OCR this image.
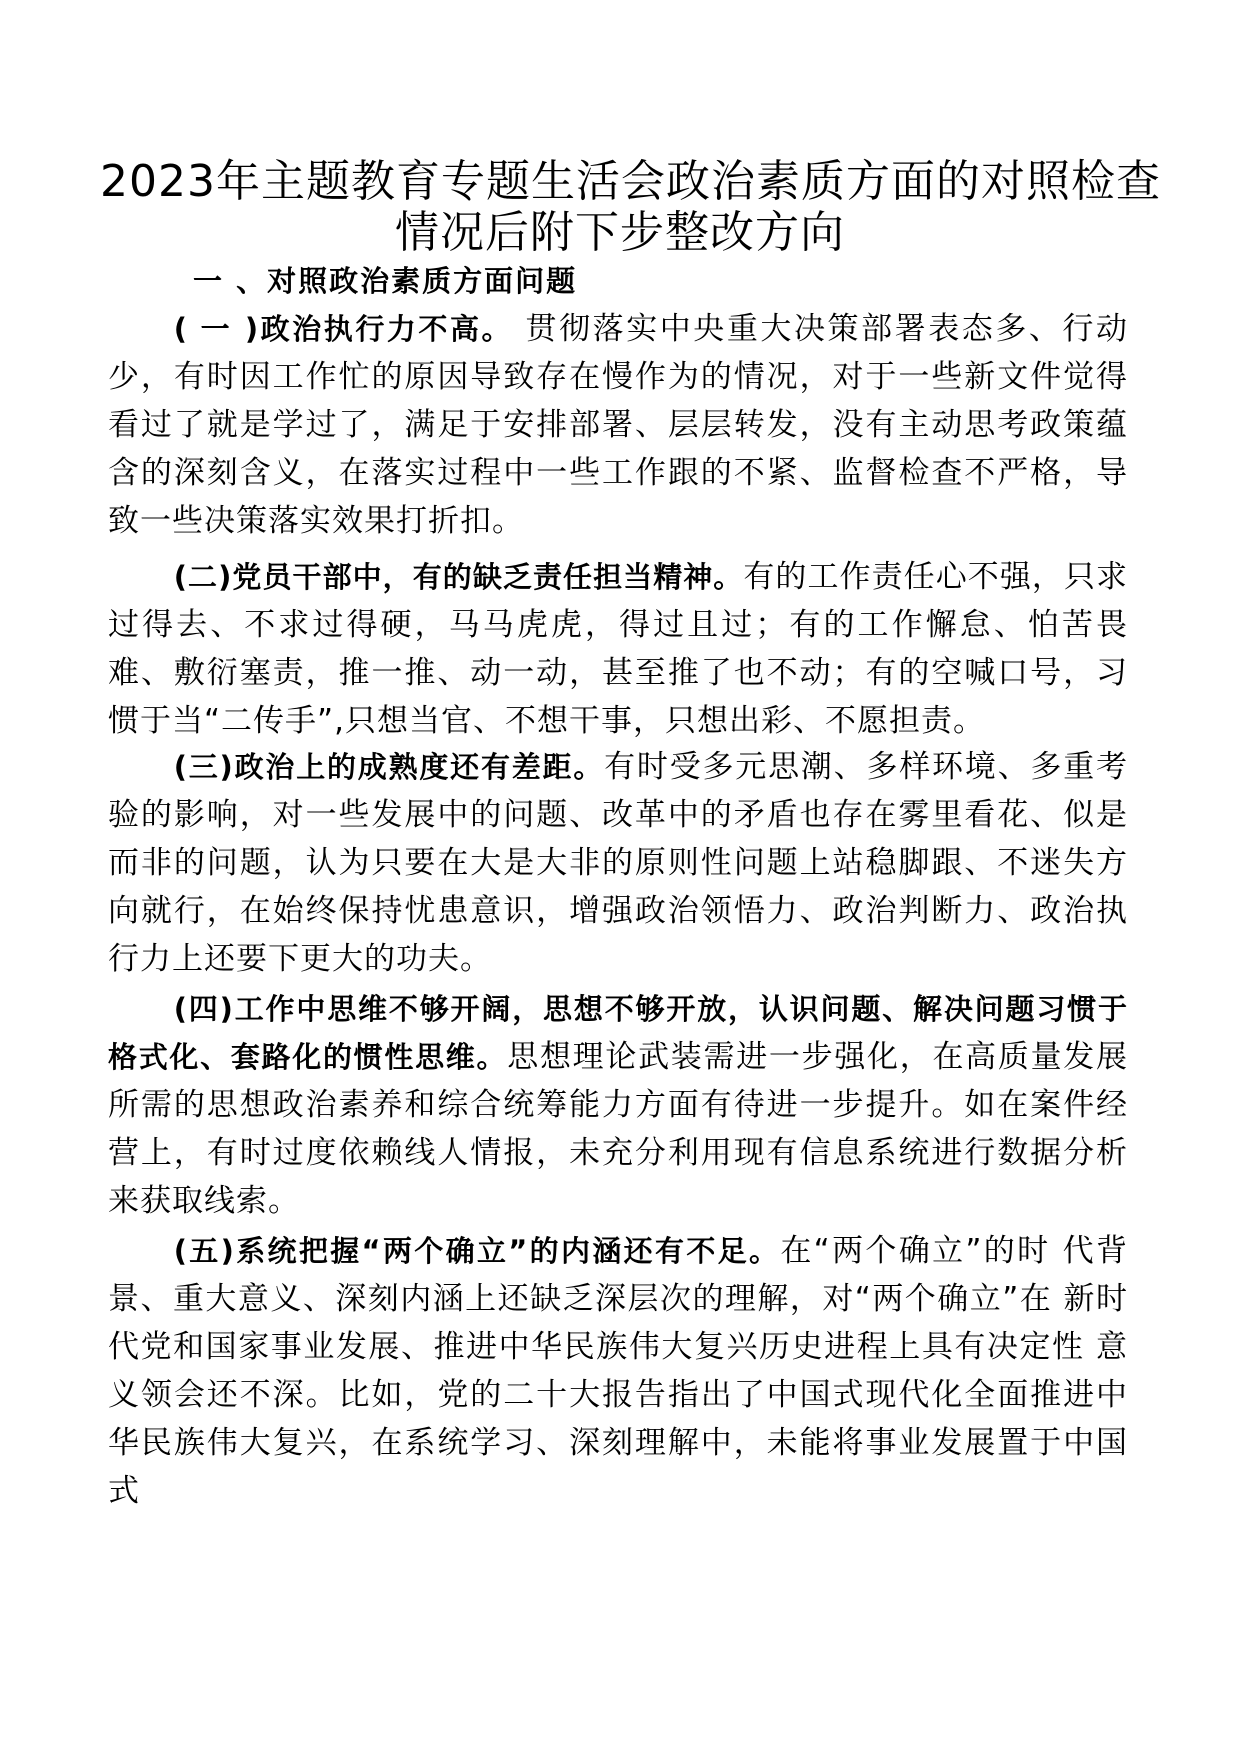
2023年主题教育专题生活会政治素质方面的对照检查
情况后附下步整改方向
一 、对照政治素质方面问题

( 一 )政治执行力不高。 贯彻落实中央重大决策部署表态多、行动少，有时因工作忙的原因导致存在慢作为的情况，对于一些新文件觉得看过了就是学过了，满足于安排部署、层层转发，没有主动思考政策蕴含的深刻含义，在落实过程中一些工作跟的不紧、监督检查不严格，导致一些决策落实效果打折扣。

(二)党员干部中，有的缺乏责任担当精神。有的工作责任心不强，只求过得去、不求过得硬，马马虎虎，得过且过；有的工作懈怠、怕苦畏难、敷衍塞责，推一推、动一动，甚至推了也不动；有的空喊口号，习惯于当“二传手”,只想当官、不想干事，只想出彩、不愿担责。

(三)政治上的成熟度还有差距。有时受多元思潮、多样环境、多重考验的影响，对一些发展中的问题、改革中的矛盾也存在雾里看花、似是而非的问题，认为只要在大是大非的原则性问题上站稳脚跟、不迷失方向就行，在始终保持忧患意识，增强政治领悟力、政治判断力、政治执行力上还要下更大的功夫。

(四)工作中思维不够开阔，思想不够开放，认识问题、解决问题习惯于格式化、套路化的惯性思维。思想理论武装需进一步强化，在高质量发展所需的思想政治素养和综合统筹能力方面有待进一步提升。如在案件经营上，有时过度依赖线人情报，未充分利用现有信息系统进行数据分析来获取线索。

(五)系统把握“两个确立”的内涵还有不足。在“两个确立”的时 代背景、重大意义、深刻内涵上还缺乏深层次的理解，对“两个确立”在 新时代党和国家事业发展、推进中华民族伟大复兴历史进程上具有决定性 意义领会还不深。比如，党的二十大报告指出了中国式现代化全面推进中华民族伟大复兴，在系统学习、深刻理解中，未能将事业发展置于中国式
